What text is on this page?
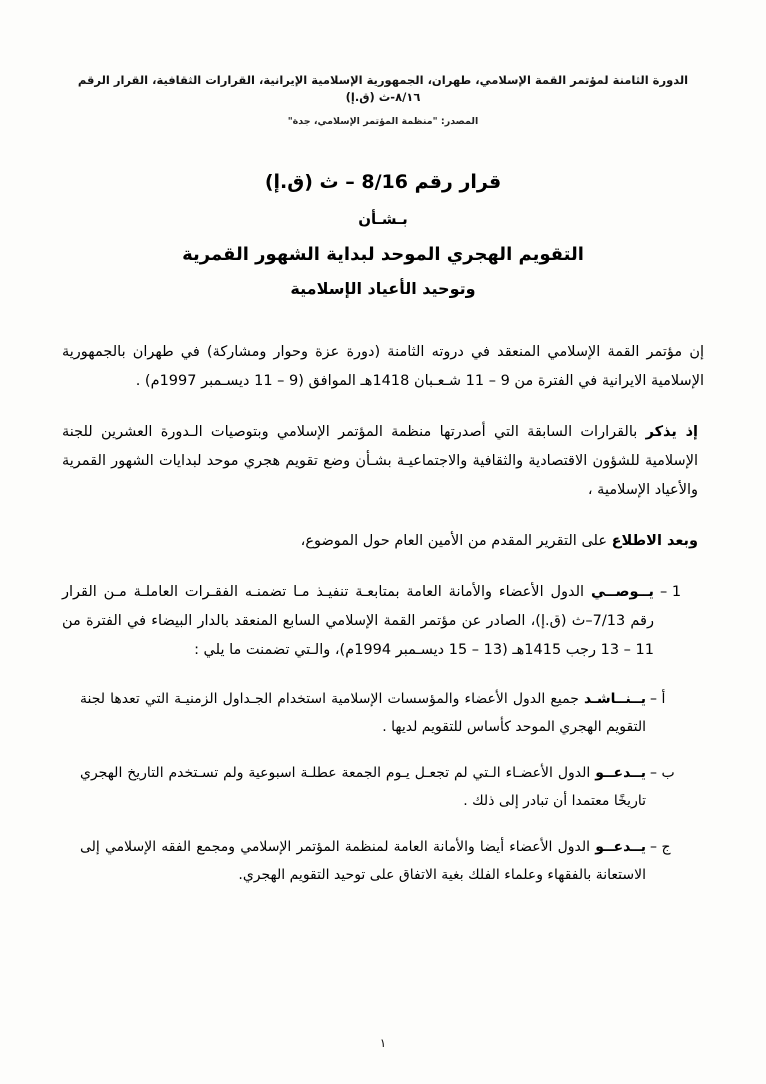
الدورة الثامنة لمؤتمر القمة الإسلامي، طهران، الجمهورية الإسلامية الإيرانية، القرارات الثقافية، القرار الرقم ٨/١٦-ث (ق.إ)
المصدر: "منظمة المؤتمر الإسلامي، جدة"
قرار رقم 8/16 – ث (ق.إ)
بـشـأن
التقويم الهجري الموحد لبداية الشهور القمرية
وتوحيد الأعياد الإسلامية

إن مؤتمر القمة الإسلامي المنعقد في دروته الثامنة (دورة عزة وحوار ومشاركة) في طهران بالجمهورية الإسلامية الايرانية في الفترة من 9 – 11 شـعـبان 1418هـ الموافق (9 – 11 ديسـمبر 1997م) .

إذ يذكر بالقرارات السابقة التي أصدرتها منظمة المؤتمر الإسلامي وبتوصيات الـدورة العشرين للجنة الإسلامية للشؤون الاقتصادية والثقافية والاجتماعيـة بشـأن وضع تقويم هجري موحد لبدايات الشهور القمرية والأعياد الإسلامية ،

وبعد الاطلاع على التقرير المقدم من الأمين العام حول الموضوع،

1 –
يــوصــي الدول الأعضاء والأمانة العامة بمتابعـة تنفيـذ مـا تضمنـه الفقـرات العاملـة مـن القرار رقم 7/13–ث (ق.إ)، الصادر عن مؤتمر القمة الإسلامي السابع المنعقد بالدار البيضاء في الفترة من 11 – 13 رجب 1415هـ (13 – 15 ديسـمبر 1994م)، والـتي تضمنت ما يلي :
أ –
يــنــاشـد جميع الدول الأعضاء والمؤسسات الإسلامية استخدام الجـداول الزمنيـة التي تعدها لجنة التقويم الهجري الموحد كأساس للتقويم لديها .
ب –
يــدعــو الدول الأعضـاء الـتي لم تجعـل يـوم الجمعة عطلـة اسبوعية ولم تسـتخدم التاريخ الهجري تاريخًا معتمدا أن تبادر إلى ذلك .
ج –
يــدعــو الدول الأعضاء أيضا والأمانة العامة لمنظمة المؤتمر الإسلامي ومجمع الفقه الإسلامي إلى الاستعانة بالفقهاء وعلماء الفلك بغية الاتفاق على توحيد التقويم الهجري.
١
